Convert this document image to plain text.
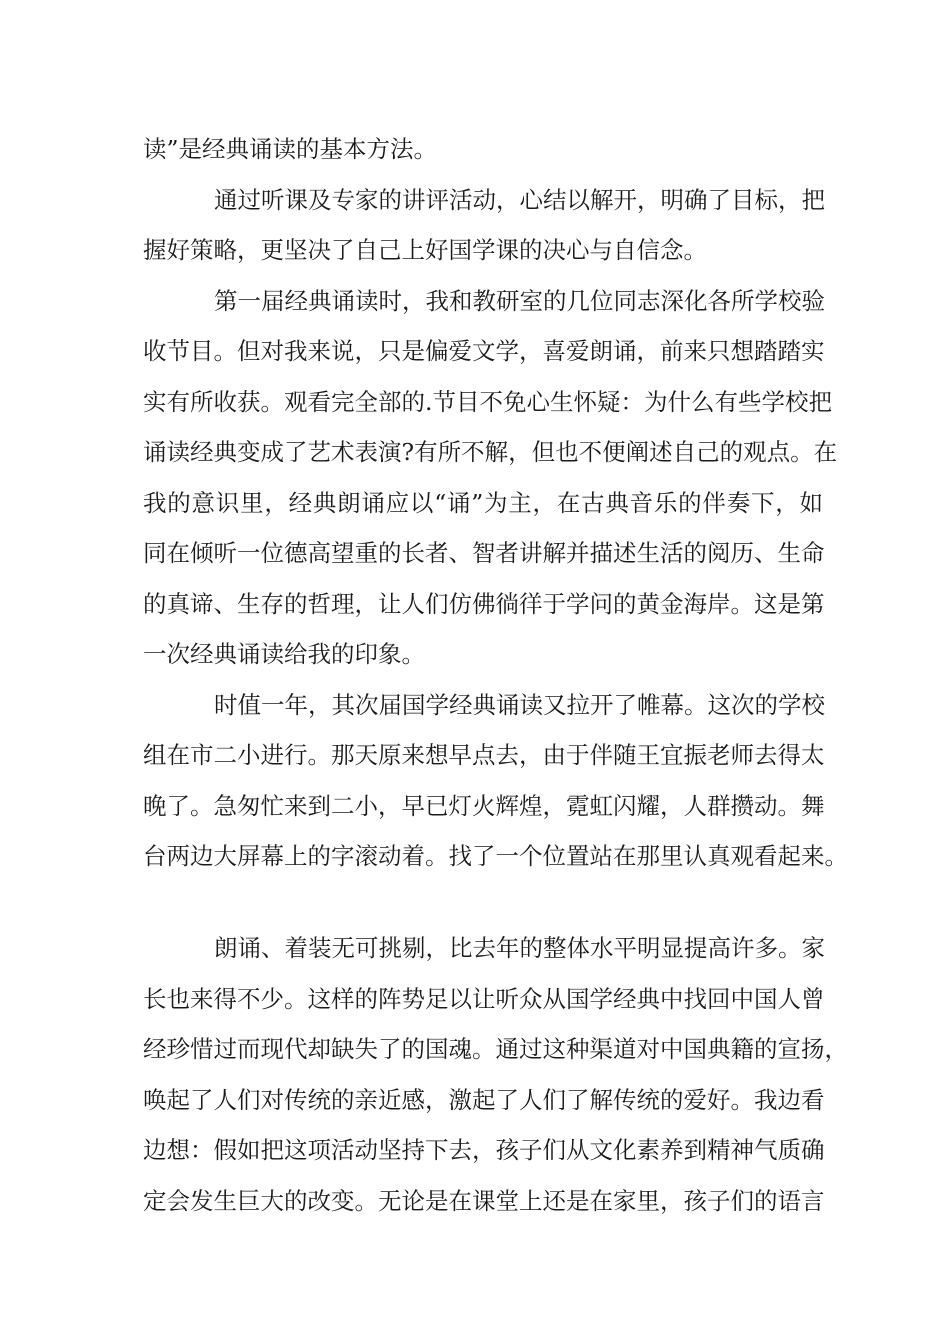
读”是经典诵读的基本方法。
通过听课及专家的讲评活动，心结以解开，明确了目标，把
握好策略，更坚决了自己上好国学课的决心与自信念。
第一届经典诵读时，我和教研室的几位同志深化各所学校验
收节目。但对我来说，只是偏爱文学，喜爱朗诵，前来只想踏踏实
实有所收获。观看完全部的.节目不免心生怀疑：为什么有些学校把
诵读经典变成了艺术表演?有所不解，但也不便阐述自己的观点。在
我的意识里，经典朗诵应以“诵”为主，在古典音乐的伴奏下，如
同在倾听一位德高望重的长者、智者讲解并描述生活的阅历、生命
的真谛、生存的哲理，让人们仿佛徜徉于学问的黄金海岸。这是第
一次经典诵读给我的印象。
时值一年，其次届国学经典诵读又拉开了帷幕。这次的学校
组在市二小进行。那天原来想早点去，由于伴随王宜振老师去得太
晚了。急匆忙来到二小，早已灯火辉煌，霓虹闪耀，人群攒动。舞
台两边大屏幕上的字滚动着。找了一个位置站在那里认真观看起来。
朗诵、着装无可挑剔，比去年的整体水平明显提高许多。家
长也来得不少。这样的阵势足以让听众从国学经典中找回中国人曾
经珍惜过而现代却缺失了的国魂。通过这种渠道对中国典籍的宣扬，
唤起了人们对传统的亲近感，激起了人们了解传统的爱好。我边看
边想：假如把这项活动坚持下去，孩子们从文化素养到精神气质确
定会发生巨大的改变。无论是在课堂上还是在家里，孩子们的语言
